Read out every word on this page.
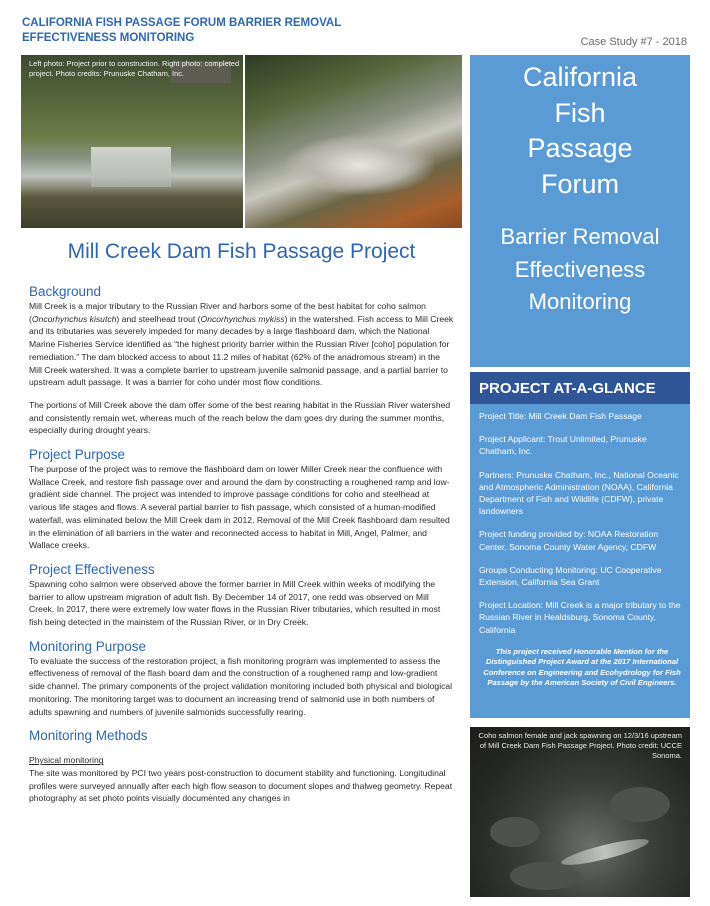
CALIFORNIA FISH PASSAGE FORUM BARRIER REMOVAL
EFFECTIVENESS MONITORING	Case Study #7 - 2018
Left photo: Project prior to construction. Right photo: completed project. Photo credits: Prunuske Chatham, Inc.
Mill Creek Dam Fish Passage Project
Background

Mill Creek is a major tributary to the Russian River and harbors some of the best habitat for coho salmon (Oncorhynchus kisutch) and steelhead trout (Oncorhynchus mykiss) in the watershed. Fish access to Mill Creek and its tributaries was severely impeded for many decades by a large flashboard dam, which the National Marine Fisheries Service identified as “the highest priority barrier within the Russian River [coho] population for remediation.” The dam blocked access to about 11.2 miles of habitat (62% of the anadromous stream) in the Mill Creek watershed. It was a complete barrier to upstream juvenile salmonid passage, and a partial barrier to upstream adult passage. It was a barrier for coho under most flow conditions.

The portions of Mill Creek above the dam offer some of the best rearing habitat in the Russian River watershed and consistently remain wet, whereas much of the reach below the dam goes dry during the summer months, especially during drought years.

Project Purpose

The purpose of the project was to remove the flashboard dam on lower Miller Creek near the confluence with Wallace Creek, and restore fish passage over and around the dam by constructing a roughened ramp and low-gradient side channel. The project was intended to improve passage conditions for coho and steelhead at various life stages and flows. A several partial barrier to fish passage, which consisted of a human-modified waterfall, was eliminated below the Mill Creek dam in 2012. Removal of the Mill Creek flashboard dam resulted in the elimination of all barriers in the water and reconnected access to habitat in Mill, Angel, Palmer, and Wallace creeks.

Project Effectiveness

Spawning coho salmon were observed above the former barrier in Mill Creek within weeks of modifying the barrier to allow upstream migration of adult fish. By December 14 of 2017, one redd was observed on Mill Creek. In 2017, there were extremely low water flows in the Russian River tributaries, which resulted in most fish being detected in the mainstem of the Russian River, or in Dry Creek.

Monitoring Purpose

To evaluate the success of the restoration project, a fish monitoring program was implemented to assess the effectiveness of removal of the flash board dam and the construction of a roughened ramp and low-gradient side channel. The primary components of the project validation monitoring included both physical and biological monitoring. The monitoring target was to document an increasing trend of salmonid use in both numbers of adults spawning and numbers of juvenile salmonids successfully rearing.

Monitoring Methods

Physical monitoring

The site was monitored by PCI two years post-construction to document stability and functioning. Longitudinal profiles were surveyed annually after each high flow season to document slopes and thalweg geometry. Repeat photography at set photo points visually documented any changes in

California
Fish
Passage
Forum
Barrier Removal
Effectiveness
Monitoring
PROJECT AT-A-GLANCE

Project Title: Mill Creek Dam Fish Passage

Project Applicant: Trout Unlimited, Prunuske Chatham, Inc.

Partners: Prunuske Chatham, Inc., National Oceanic and Atmospheric Administration (NOAA), California Department of Fish and Wildlife (CDFW), private landowners

Project funding provided by: NOAA Restoration Center, Sonoma County Water Agency, CDFW

Groups Conducting Monitoring: UC Cooperative Extension, California Sea Grant

Project Location: Mill Creek is a major tributary to the Russian River in Healdsburg, Sonoma County, California

This project received Honorable Mention for the Distinguished Project Award at the 2017 International Conference on Engineering and Ecohydrology for Fish Passage by the American Society of Civil Engineers.

Coho salmon female and jack spawning on 12/3/16 upstream of Mill Creek Dam Fish Passage Project. Photo credit: UCCE Sonoma.
